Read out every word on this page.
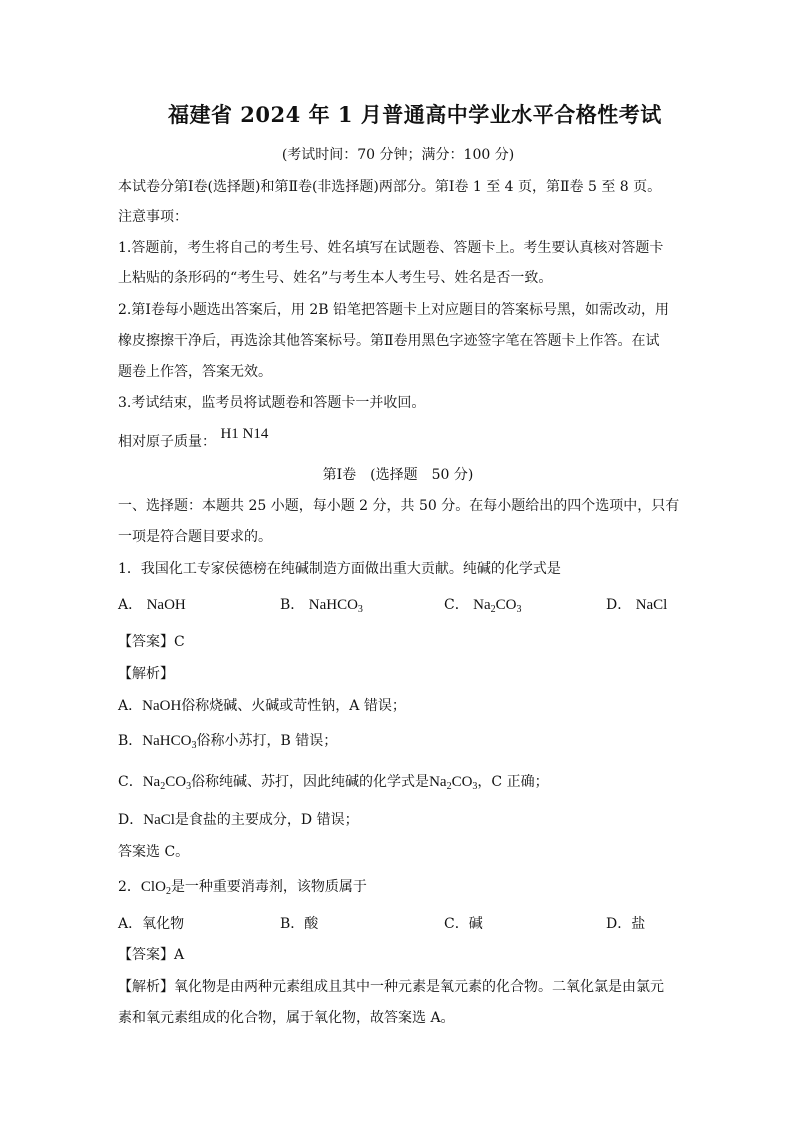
福建省 2024 年 1 月普通高中学业水平合格性考试
(考试时间：70 分钟；满分：100 分)
本试卷分第Ⅰ卷(选择题)和第Ⅱ卷(非选择题)两部分。第Ⅰ卷 1 至 4 页，第Ⅱ卷 5 至 8 页。
注意事项：
1.答题前，考生将自己的考生号、姓名填写在试题卷、答题卡上。考生要认真核对答题卡
上粘贴的条形码的“考生号、姓名”与考生本人考生号、姓名是否一致。
2.第Ⅰ卷每小题选出答案后，用 2B 铅笔把答题卡上对应题目的答案标号黑，如需改动，用
橡皮擦擦干净后，再选涂其他答案标号。第Ⅱ卷用黑色字迹签字笔在答题卡上作答。在试
题卷上作答，答案无效。
3.考试结束，监考员将试题卷和答题卡一并收回。
相对原子质量： H1 N14
第Ⅰ卷　(选择题　50 分)
一、选择题：本题共 25 小题，每小题 2 分，共 50 分。在每小题给出的四个选项中，只有
一项是符合题目要求的。
1．我国化工专家侯德榜在纯碱制造方面做出重大贡献。纯碱的化学式是
A． NaOH	B． NaHCO$_3$	C． $Na_2CO_3$	D． NaCl
【答案】C
【解析】
A．NaOH俗称烧碱、火碱或苛性钠，A 错误；
B．NaHCO$_3$俗称小苏打，B 错误；
C．$Na_2CO_3$俗称纯碱、苏打，因此纯碱的化学式是$Na_2CO_3$，C 正确；
D．NaCl是食盐的主要成分，D 错误；
答案选 C。
2．ClO$_2$是一种重要消毒剂，该物质属于
A．氧化物	B．酸	C．碱	D．盐
【答案】A
【解析】氧化物是由两种元素组成且其中一种元素是氧元素的化合物。二氧化氯是由氯元
素和氧元素组成的化合物，属于氧化物，故答案选 A。
